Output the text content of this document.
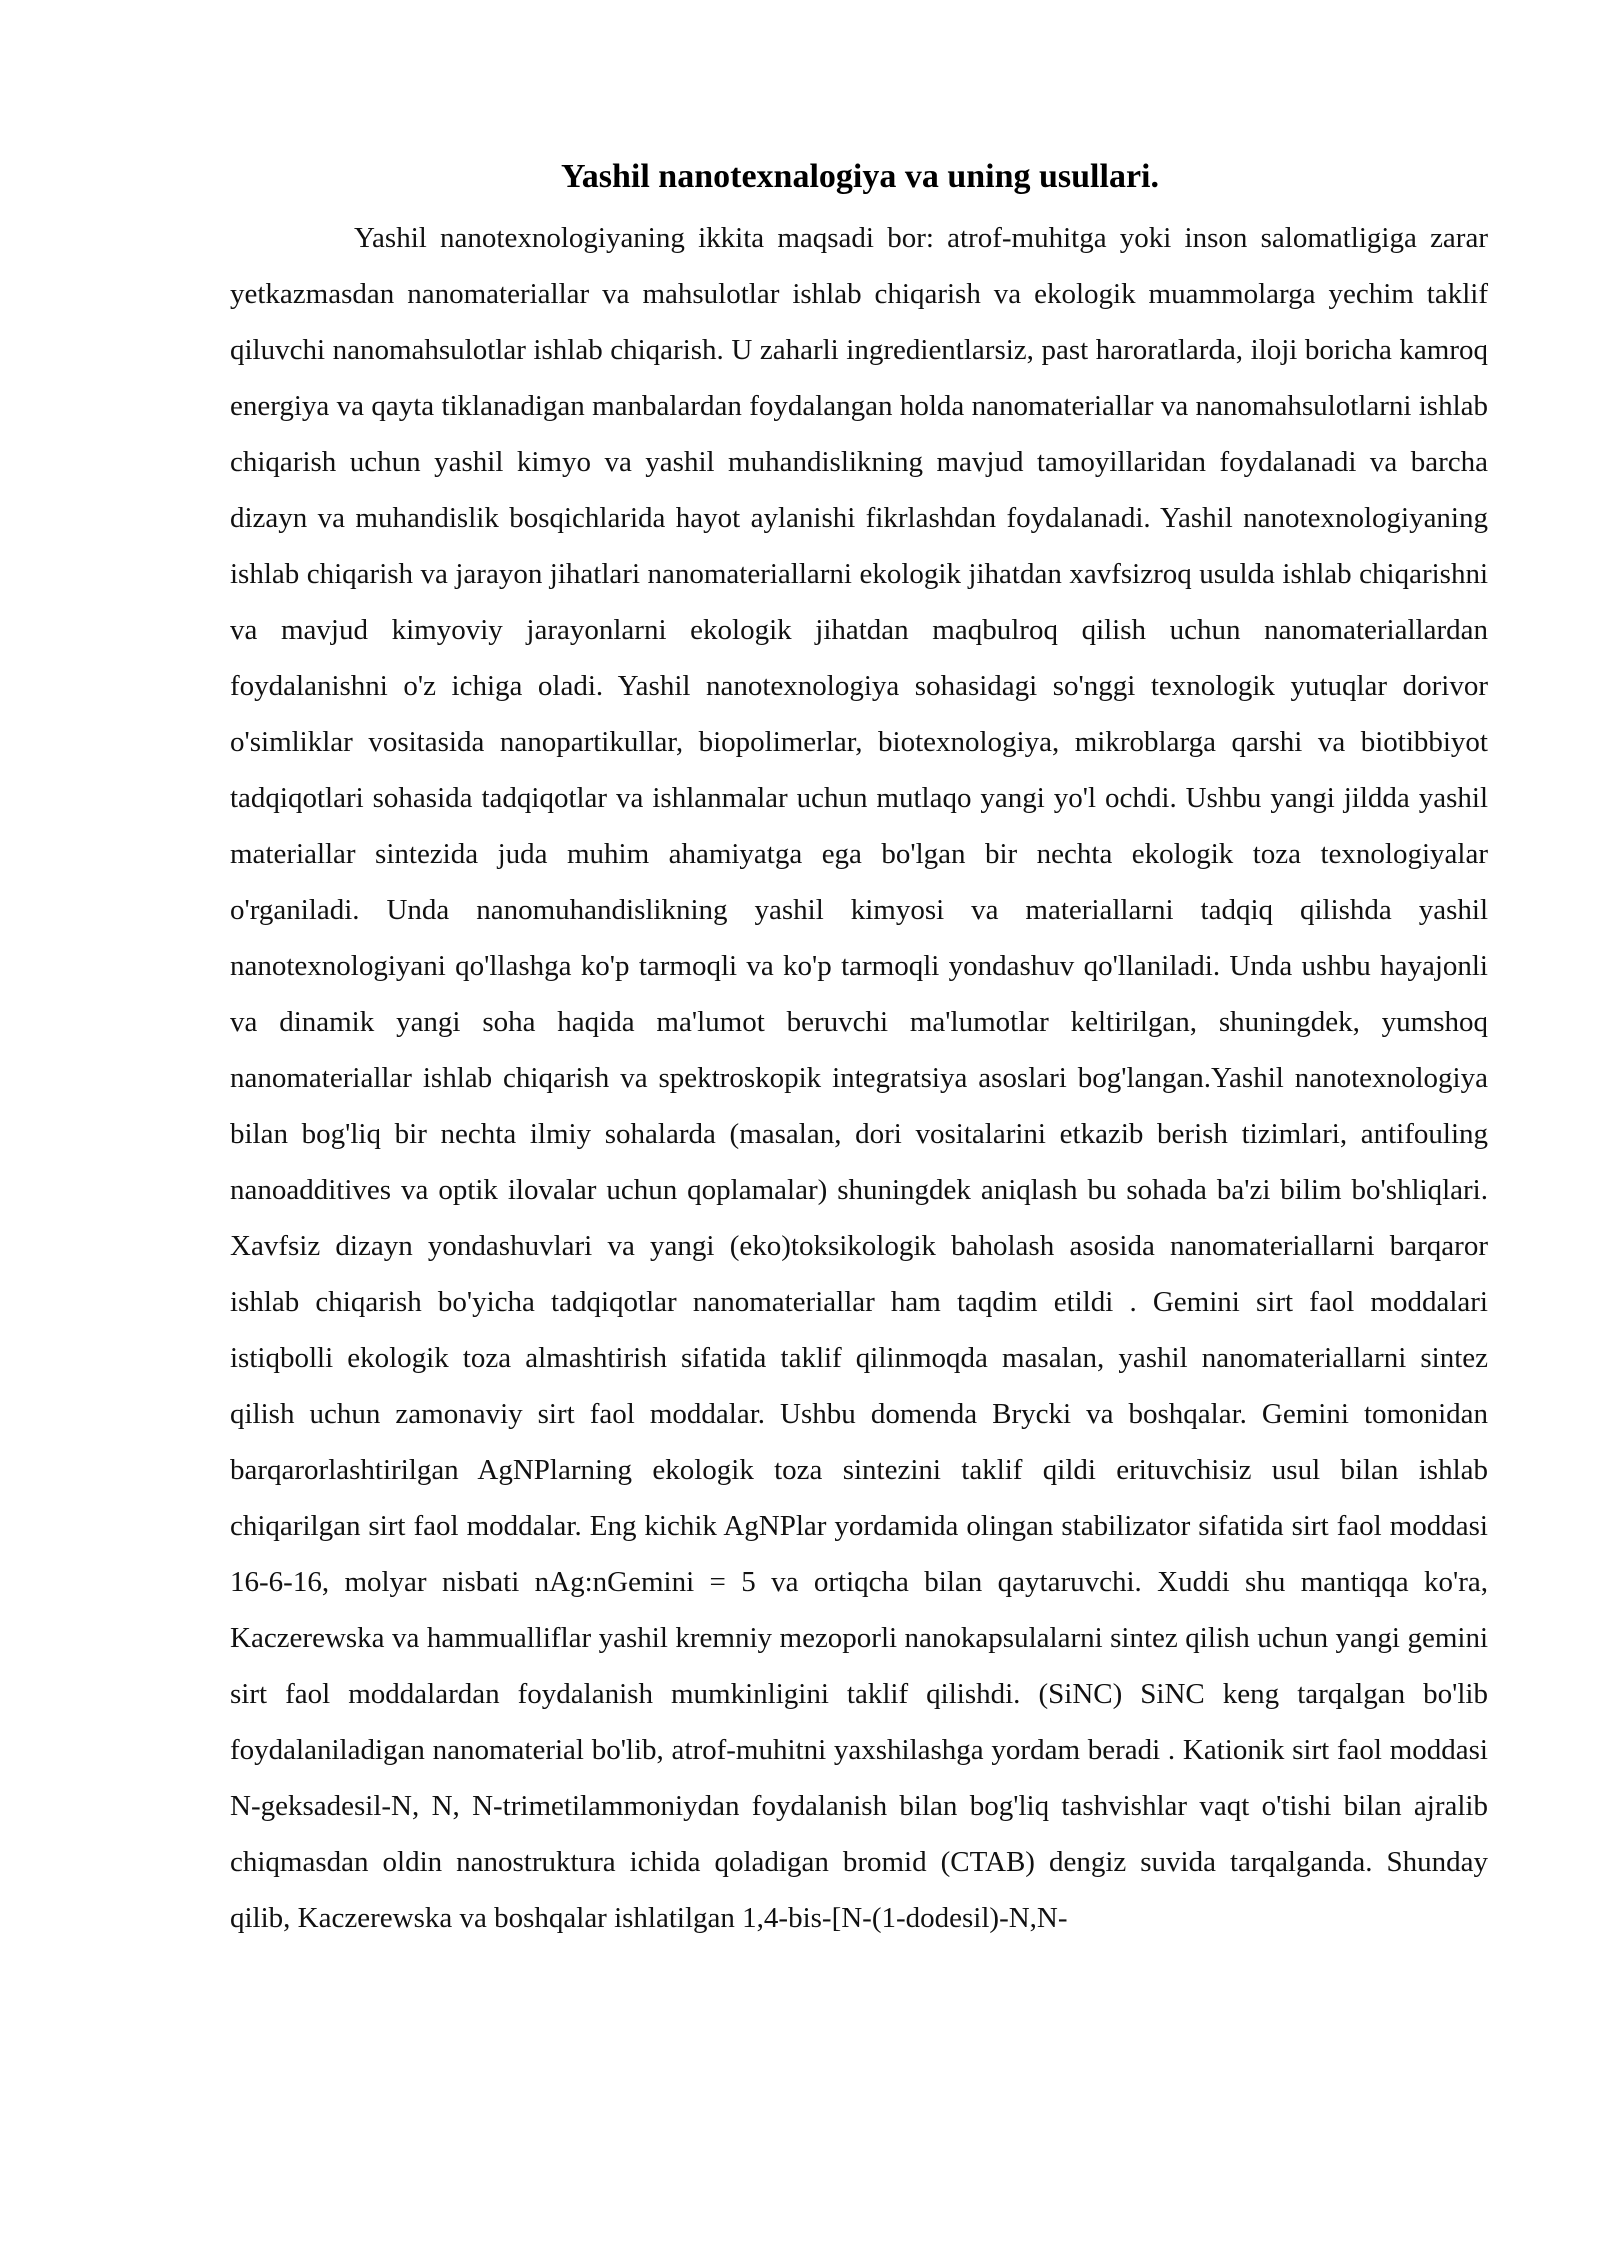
Yashil nanotexnalogiya va uning usullari.

Yashil nanotexnologiyaning ikkita maqsadi bor: atrof-muhitga yoki inson salomatligiga zarar yetkazmasdan nanomateriallar va mahsulotlar ishlab chiqarish va ekologik muammolarga yechim taklif qiluvchi nanomahsulotlar ishlab chiqarish. U zaharli ingredientlarsiz, past haroratlarda, iloji boricha kamroq energiya va qayta tiklanadigan manbalardan foydalangan holda nanomateriallar va nanomahsulotlarni ishlab chiqarish uchun yashil kimyo va yashil muhandislikning mavjud tamoyillaridan foydalanadi va barcha dizayn va muhandislik bosqichlarida hayot aylanishi fikrlashdan foydalanadi. Yashil nanotexnologiyaning ishlab chiqarish va jarayon jihatlari nanomateriallarni ekologik jihatdan xavfsizroq usulda ishlab chiqarishni va mavjud kimyoviy jarayonlarni ekologik jihatdan maqbulroq qilish uchun nanomateriallardan foydalanishni o'z ichiga oladi. Yashil nanotexnologiya sohasidagi so'nggi texnologik yutuqlar dorivor o'simliklar vositasida nanopartikullar, biopolimerlar, biotexnologiya, mikroblarga qarshi va biotibbiyot tadqiqotlari sohasida tadqiqotlar va ishlanmalar uchun mutlaqo yangi yo'l ochdi. Ushbu yangi jildda yashil materiallar sintezida juda muhim ahamiyatga ega bo'lgan bir nechta ekologik toza texnologiyalar o'rganiladi. Unda nanomuhandislikning yashil kimyosi va materiallarni tadqiq qilishda yashil nanotexnologiyani qo'llashga ko'p tarmoqli va ko'p tarmoqli yondashuv qo'llaniladi. Unda ushbu hayajonli va dinamik yangi soha haqida ma'lumot beruvchi ma'lumotlar keltirilgan, shuningdek, yumshoq nanomateriallar ishlab chiqarish va spektroskopik integratsiya asoslari bog'langan.Yashil nanotexnologiya bilan bog'liq bir nechta ilmiy sohalarda (masalan, dori vositalarini etkazib berish tizimlari, antifouling nanoadditives va optik ilovalar uchun qoplamalar) shuningdek aniqlash bu sohada ba'zi bilim bo'shliqlari. Xavfsiz dizayn yondashuvlari va yangi (eko)toksikologik baholash asosida nanomateriallarni barqaror ishlab chiqarish bo'yicha tadqiqotlar nanomateriallar ham taqdim etildi . Gemini sirt faol moddalari istiqbolli ekologik toza almashtirish sifatida taklif qilinmoqda masalan, yashil nanomateriallarni sintez qilish uchun zamonaviy sirt faol moddalar. Ushbu domenda Brycki va boshqalar. Gemini tomonidan barqarorlashtirilgan AgNPlarning ekologik toza sintezini taklif qildi erituvchisiz usul bilan ishlab chiqarilgan sirt faol moddalar. Eng kichik AgNPlar yordamida olingan stabilizator sifatida sirt faol moddasi 16-6-16, molyar nisbati nAg:nGemini = 5 va ortiqcha bilan qaytaruvchi. Xuddi shu mantiqqa ko'ra, Kaczerewska va hammualliflar yashil kremniy mezoporli nanokapsulalarni sintez qilish uchun yangi gemini sirt faol moddalardan foydalanish mumkinligini taklif qilishdi. (SiNC) SiNC keng tarqalgan bo'lib foydalaniladigan nanomaterial bo'lib, atrof-muhitni yaxshilashga yordam beradi . Kationik sirt faol moddasi N-geksadesil-N, N, N-trimetilammoniydan foydalanish bilan bog'liq tashvishlar vaqt o'tishi bilan ajralib chiqmasdan oldin nanostruktura ichida qoladigan bromid (CTAB) dengiz suvida tarqalganda. Shunday qilib, Kaczerewska va boshqalar ishlatilgan 1,4-bis-[N-(1-dodesil)-N,N-
